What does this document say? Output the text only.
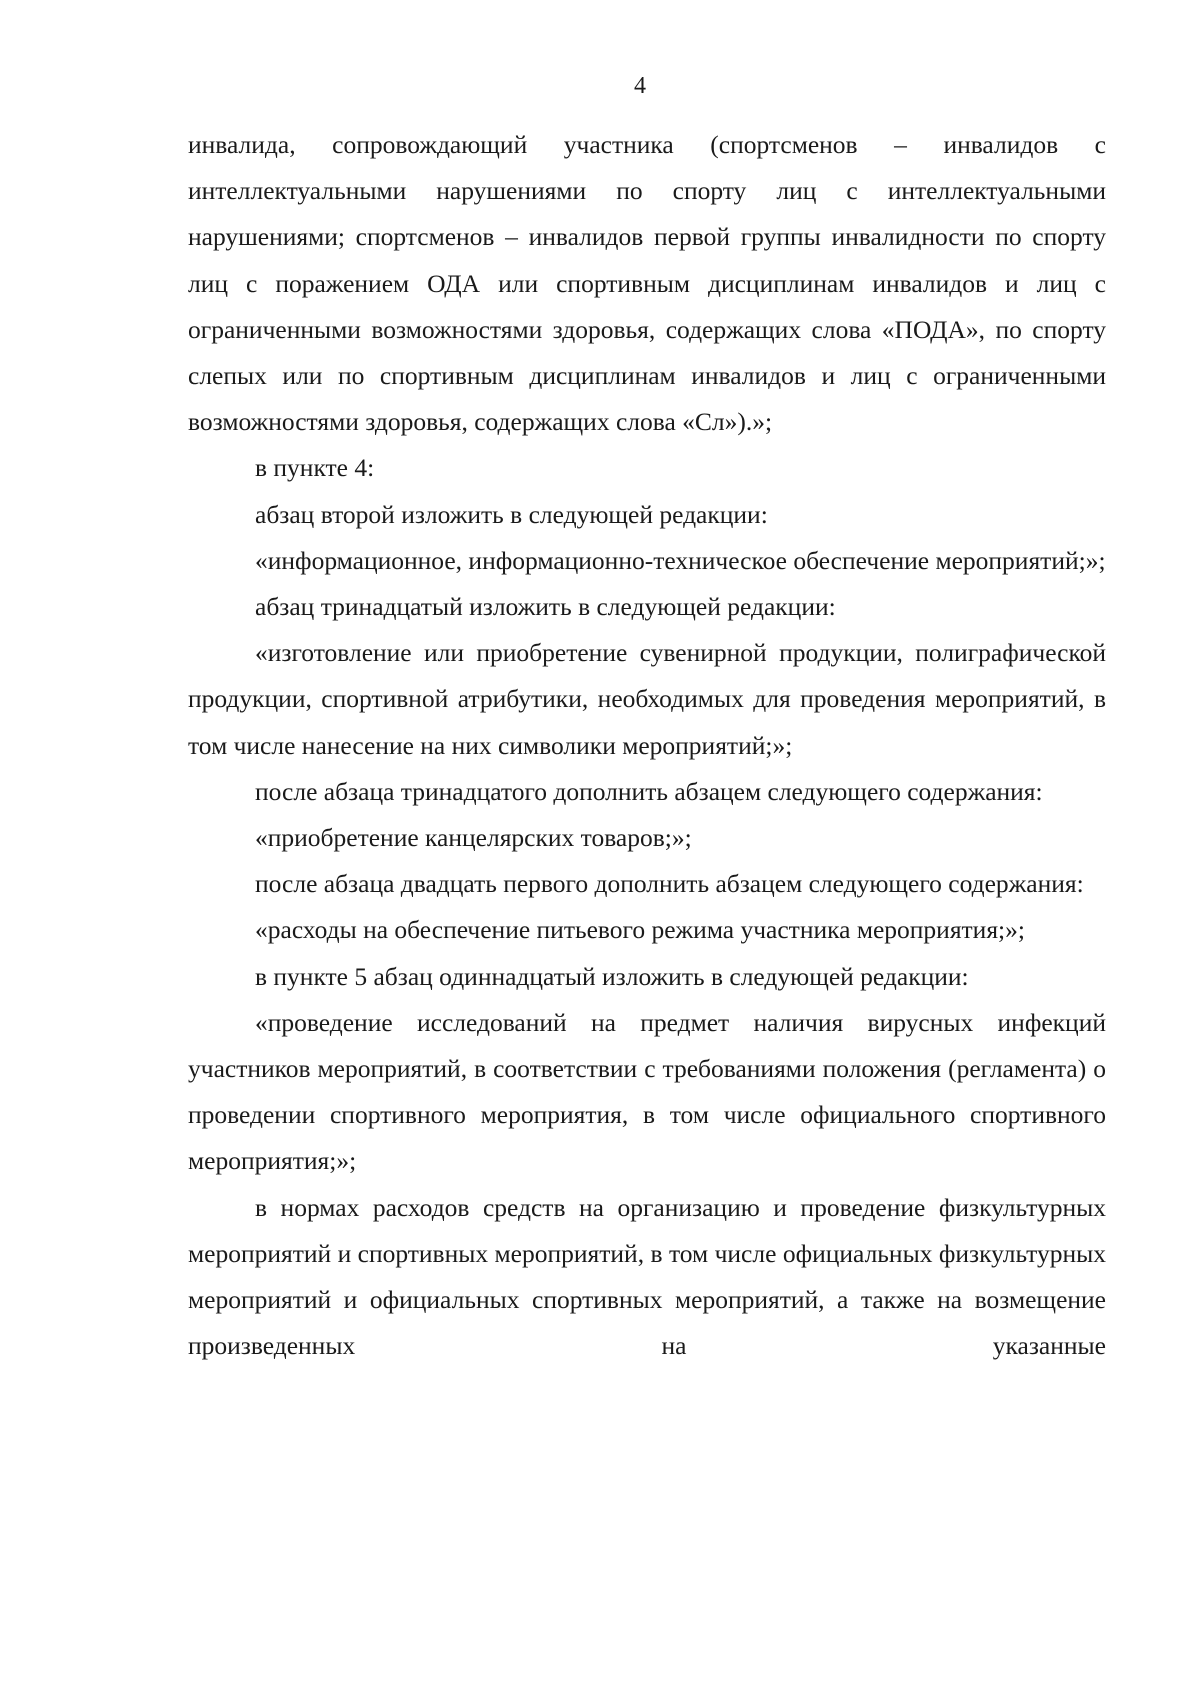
4

инвалида, сопровождающий участника (спортсменов – инвалидов с интеллектуальными нарушениями по спорту лиц с интеллектуальными нарушениями; спортсменов – инвалидов первой группы инвалидности по спорту лиц с поражением ОДА или спортивным дисциплинам инвалидов и лиц с ограниченными возможностями здоровья, содержащих слова «ПОДА», по спорту слепых или по спортивным дисциплинам инвалидов и лиц с ограниченными возможностями здоровья, содержащих слова «Сл»).»;

в пункте 4:

абзац второй изложить в следующей редакции:

«информационное, информационно-техническое обеспечение мероприятий;»;

абзац тринадцатый изложить в следующей редакции:

«изготовление или приобретение сувенирной продукции, полиграфической продукции, спортивной атрибутики, необходимых для проведения мероприятий, в том числе нанесение на них символики мероприятий;»;

после абзаца тринадцатого дополнить абзацем следующего содержания:

«приобретение канцелярских товаров;»;

после абзаца двадцать первого дополнить абзацем следующего содержания:

«расходы на обеспечение питьевого режима участника мероприятия;»;

в пункте 5 абзац одиннадцатый изложить в следующей редакции:

«проведение исследований на предмет наличия вирусных инфекций участников мероприятий, в соответствии с требованиями положения (регламента) о проведении спортивного мероприятия, в том числе официального спортивного мероприятия;»;

в нормах расходов средств на организацию и проведение физкультурных мероприятий и спортивных мероприятий, в том числе официальных физкультурных мероприятий и официальных спортивных мероприятий, а также на возмещение произведенных на указанные
